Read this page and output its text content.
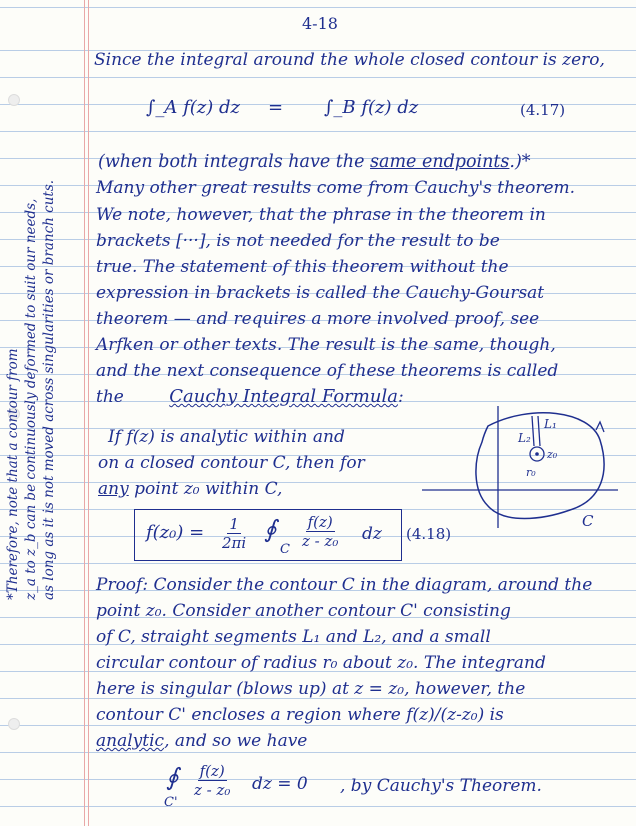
4-18
*Therefore, note that a contour from z_a to z_b can be continuously deformed to suit our needs, as long as it is not moved across singularities or branch cuts.
Since the integral around the whole closed contour is zero,
∫_A f(z) dz = ∫_B f(z) dz	(4.17)
(when both integrals have the same endpoints.)*
Many other great results come from Cauchy's theorem.
We note, however, that the phrase in the theorem in
brackets [···], is not needed for the result to be
true. The statement of this theorem without the
expression in brackets is called the Cauchy-Goursat
theorem — and requires a more involved proof, see
Arfken or other texts. The result is the same, though,
and the next consequence of these theorems is called
the	Cauchy Integral Formula:
If f(z) is analytic within and
on a closed contour C, then for
any point z₀ within C,
$f(z_0) = \frac{1}{2\pi i}$ ∮
C $\frac{f(z)}{\text{z - z₀}}$ dz (4.18)
L₁
L₂
z₀
r₀
C
Proof: Consider the contour C in the diagram, around the
point z₀. Consider another contour C' consisting
of C, straight segments L₁ and L₂, and a small
circular contour of radius r₀ about z₀. The integrand
here is singular (blows up) at z = z₀, however, the
contour C' encloses a region where f(z)/(z-z₀) is
analytic, and so we have
∮
C'
$\frac{f(z)}{\text{z - z₀}}$ dz = 0 , by Cauchy's Theorem.
